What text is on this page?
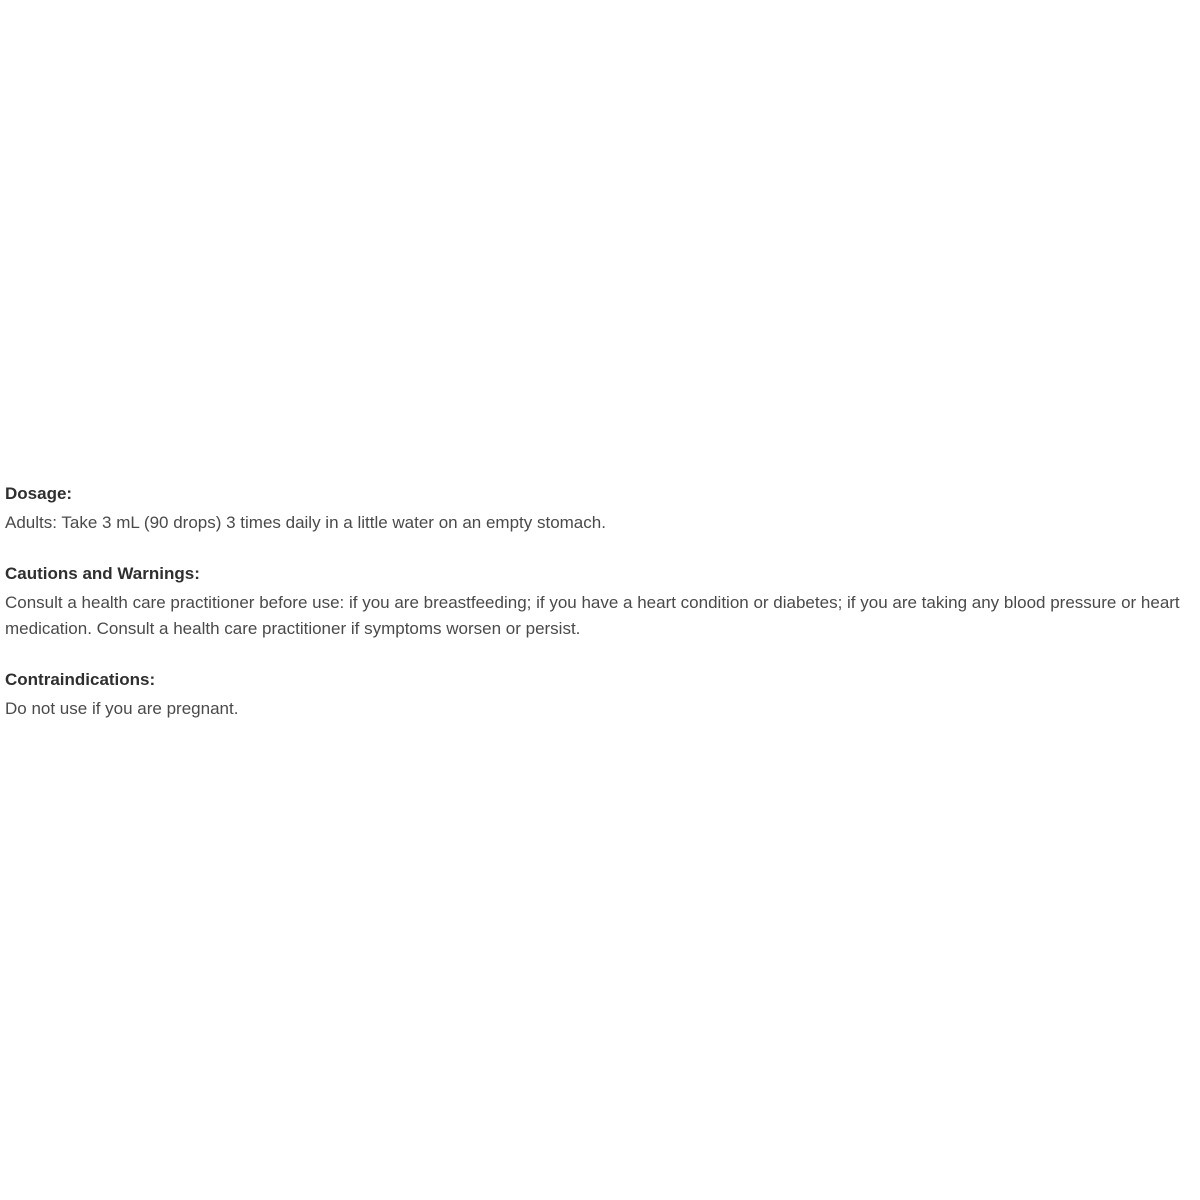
Dosage:

Adults: Take 3 mL (90 drops) 3 times daily in a little water on an empty stomach.

Cautions and Warnings:

Consult a health care practitioner before use: if you are breastfeeding; if you have a heart condition or diabetes; if you are taking any blood pressure or heart medication. Consult a health care practitioner if symptoms worsen or persist.

Contraindications:

Do not use if you are pregnant.
